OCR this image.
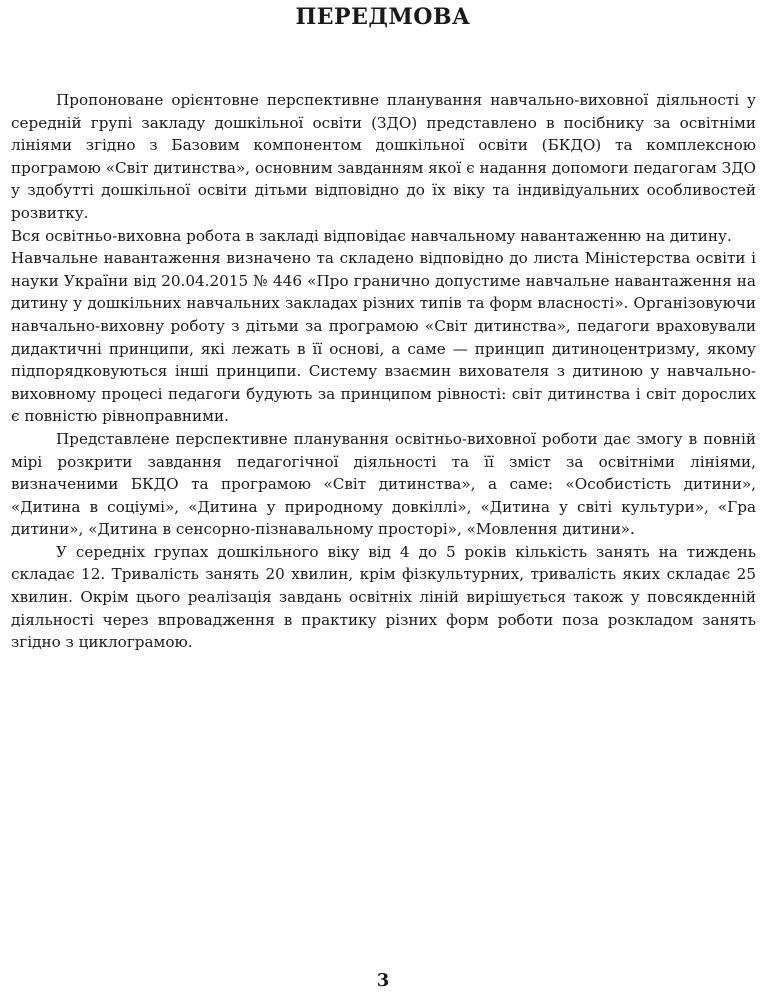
ПЕРЕДМОВА

Пропоноване орієнтовне перспективне планування навчально-виховної діяльності у середній групі закладу дошкільної освіти (ЗДО) представлено в посібнику за освітніми лініями згідно з Базовим компонентом дошкільної освіти (БКДО) та комплексною програмою «Світ дитинства», основним завданням якої є надання допомоги педагогам ЗДО у здобутті дошкільної освіти дітьми відповідно до їх віку та індивідуальних особливостей розвитку.

Вся освітньо-виховна робота в закладі відповідає навчальному навантаженню на дитину.

Навчальне навантаження визначено та складено відповідно до листа Міністерства освіти і науки України від 20.04.2015 № 446 «Про гранично допустиме навчальне навантаження на дитину у дошкільних навчальних закладах різних типів та форм власності». Організовуючи навчально-виховну роботу з дітьми за програмою «Світ дитинства», педагоги враховували дидактичні принципи, які лежать в її основі, а саме — принцип дитиноцентризму, якому підпорядковуються інші принципи. Систему взаємин вихователя з дитиною у навчально-виховному процесі педагоги будують за принципом рівності: світ дитинства і світ дорослих є повністю рівноправними.

Представлене перспективне планування освітньо-виховної роботи дає змогу в повній мірі розкрити завдання педагогічної діяльності та її зміст за освітніми лініями, визначеними БКДО та програмою «Світ дитинства», а саме: «Особистість дитини», «Дитина в соціумі», «Дитина у природному довкіллі», «Дитина у світі культури», «Гра дитини», «Дитина в сенсорно-пізнавальному просторі», «Мовлення дитини».

У середніх групах дошкільного віку від 4 до 5 років кількість занять на тиждень складає 12. Тривалість занять 20 хвилин, крім фізкультурних, тривалість яких складає 25 хвилин. Окрім цього реалізація завдань освітніх ліній вирішується також у повсякденній діяльності через впровадження в практику різних форм роботи поза розкладом занять згідно з циклограмою.

3
